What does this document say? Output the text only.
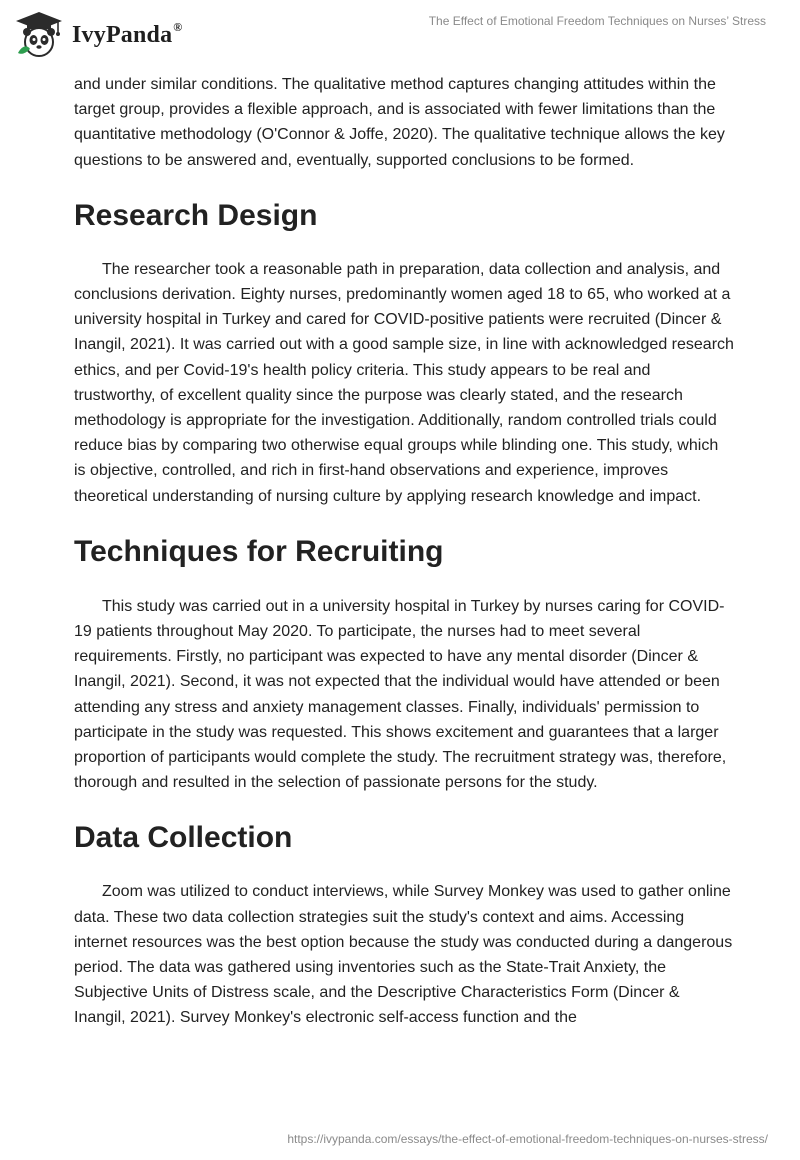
IvyPanda®	The Effect of Emotional Freedom Techniques on Nurses’ Stress

and under similar conditions. The qualitative method captures changing attitudes within the target group, provides a flexible approach, and is associated with fewer limitations than the quantitative methodology (O'Connor & Joffe, 2020). The qualitative technique allows the key questions to be answered and, eventually, supported conclusions to be formed.

Research Design

The researcher took a reasonable path in preparation, data collection and analysis, and conclusions derivation. Eighty nurses, predominantly women aged 18 to 65, who worked at a university hospital in Turkey and cared for COVID-positive patients were recruited (Dincer & Inangil, 2021). It was carried out with a good sample size, in line with acknowledged research ethics, and per Covid-19's health policy criteria. This study appears to be real and trustworthy, of excellent quality since the purpose was clearly stated, and the research methodology is appropriate for the investigation. Additionally, random controlled trials could reduce bias by comparing two otherwise equal groups while blinding one. This study, which is objective, controlled, and rich in first-hand observations and experience, improves theoretical understanding of nursing culture by applying research knowledge and impact.

Techniques for Recruiting

This study was carried out in a university hospital in Turkey by nurses caring for COVID-19 patients throughout May 2020. To participate, the nurses had to meet several requirements. Firstly, no participant was expected to have any mental disorder (Dincer & Inangil, 2021). Second, it was not expected that the individual would have attended or been attending any stress and anxiety management classes. Finally, individuals' permission to participate in the study was requested. This shows excitement and guarantees that a larger proportion of participants would complete the study. The recruitment strategy was, therefore, thorough and resulted in the selection of passionate persons for the study.

Data Collection

Zoom was utilized to conduct interviews, while Survey Monkey was used to gather online data. These two data collection strategies suit the study's context and aims. Accessing internet resources was the best option because the study was conducted during a dangerous period. The data was gathered using inventories such as the State-Trait Anxiety, the Subjective Units of Distress scale, and the Descriptive Characteristics Form (Dincer & Inangil, 2021). Survey Monkey's electronic self-access function and the

https://ivypanda.com/essays/the-effect-of-emotional-freedom-techniques-on-nurses-stress/
